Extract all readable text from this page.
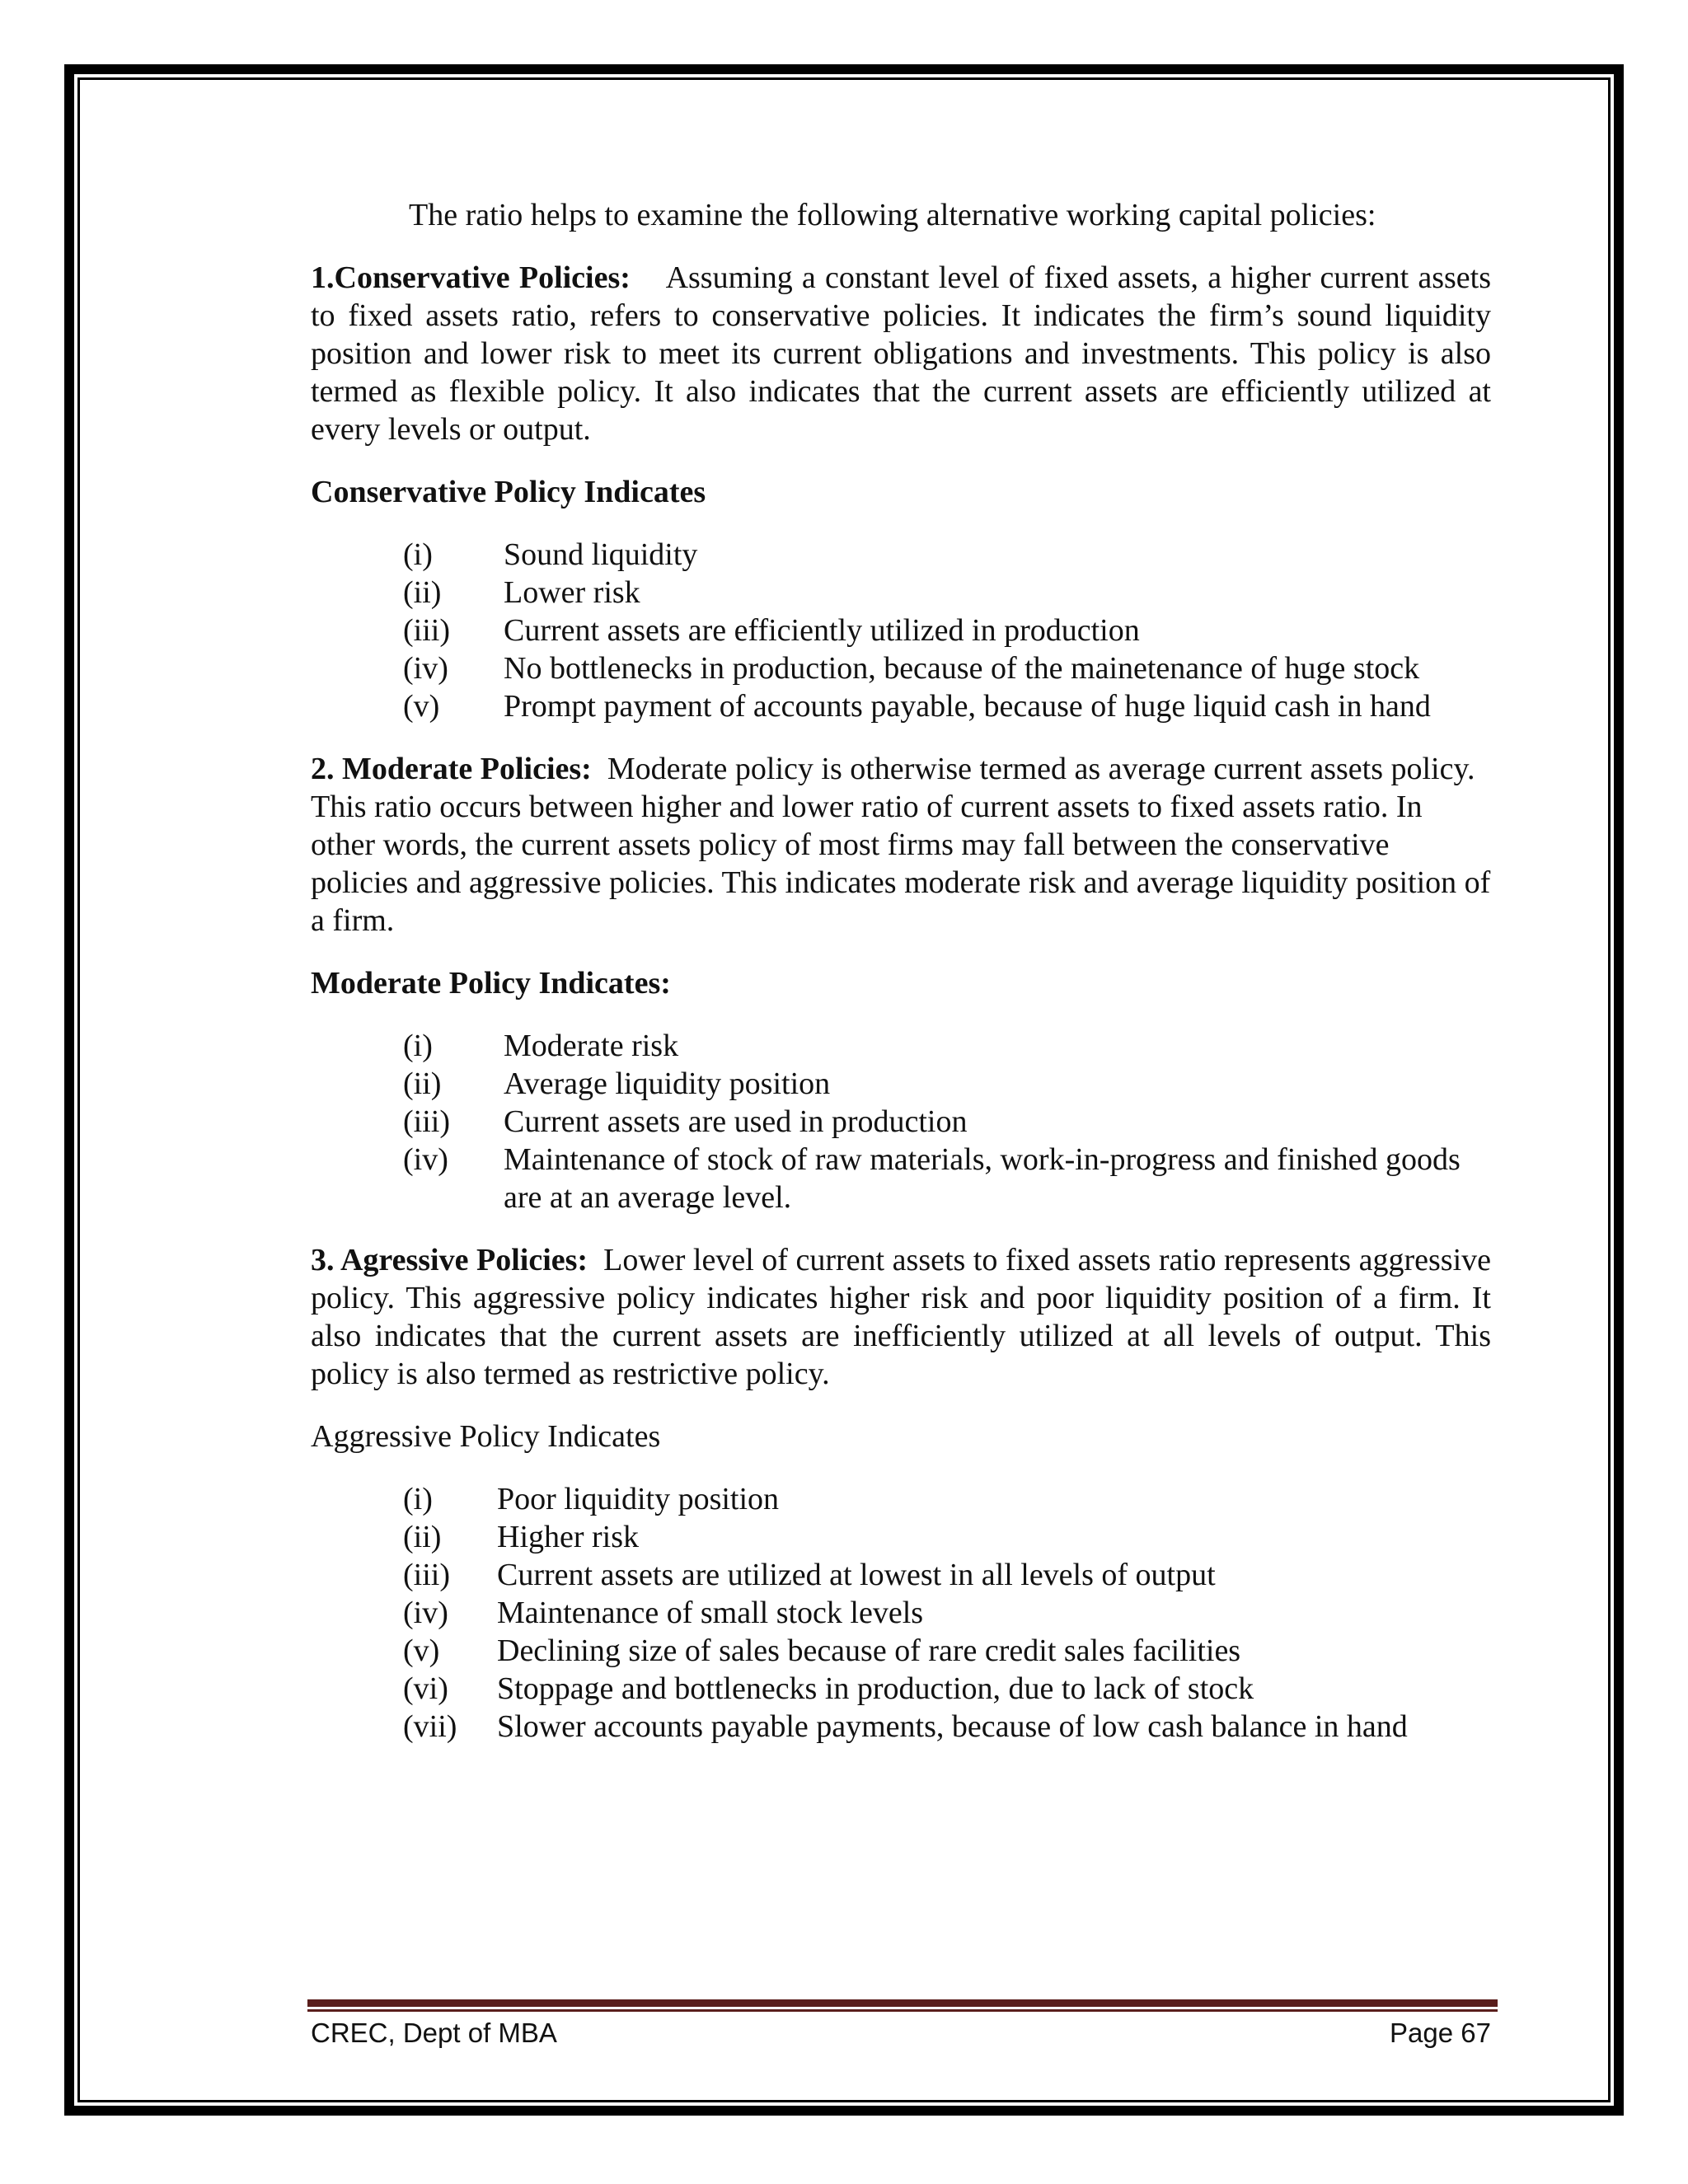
The ratio helps to examine the following alternative working capital policies:

1.Conservative Policies: Assuming a constant level of fixed assets, a higher current assets to fixed assets ratio, refers to conservative policies. It indicates the firm’s sound liquidity position and lower risk to meet its current obligations and investments. This policy is also termed as flexible policy. It also indicates that the current assets are efficiently utilized at every levels or output.

Conservative Policy Indicates

(i)	Sound liquidity
(ii)	Lower risk
(iii)	Current assets are efficiently utilized in production
(iv)	No bottlenecks in production, because of the mainetenance of huge stock
(v)	Prompt payment of accounts payable, because of huge liquid cash in hand

2. Moderate Policies: Moderate policy is otherwise termed as average current assets policy. This ratio occurs between higher and lower ratio of current assets to fixed assets ratio. In other words, the current assets policy of most firms may fall between the conservative policies and aggressive policies. This indicates moderate risk and average liquidity position of a firm.

Moderate Policy Indicates:

(i)	Moderate risk
(ii)	Average liquidity position
(iii)	Current assets are used in production
(iv)	Maintenance of stock of raw materials, work-in-progress and finished goods are at an average level.

3. Agressive Policies: Lower level of current assets to fixed assets ratio represents aggressive policy. This aggressive policy indicates higher risk and poor liquidity position of a firm. It also indicates that the current assets are inefficiently utilized at all levels of output. This policy is also termed as restrictive policy.

Aggressive Policy Indicates

(i)	Poor liquidity position
(ii)	Higher risk
(iii)	Current assets are utilized at lowest in all levels of output
(iv)	Maintenance of small stock levels
(v)	Declining size of sales because of rare credit sales facilities
(vi)	Stoppage and bottlenecks in production, due to lack of stock
(vii)	Slower accounts payable payments, because of low cash balance in hand
CREC, Dept of MBA	Page 67
